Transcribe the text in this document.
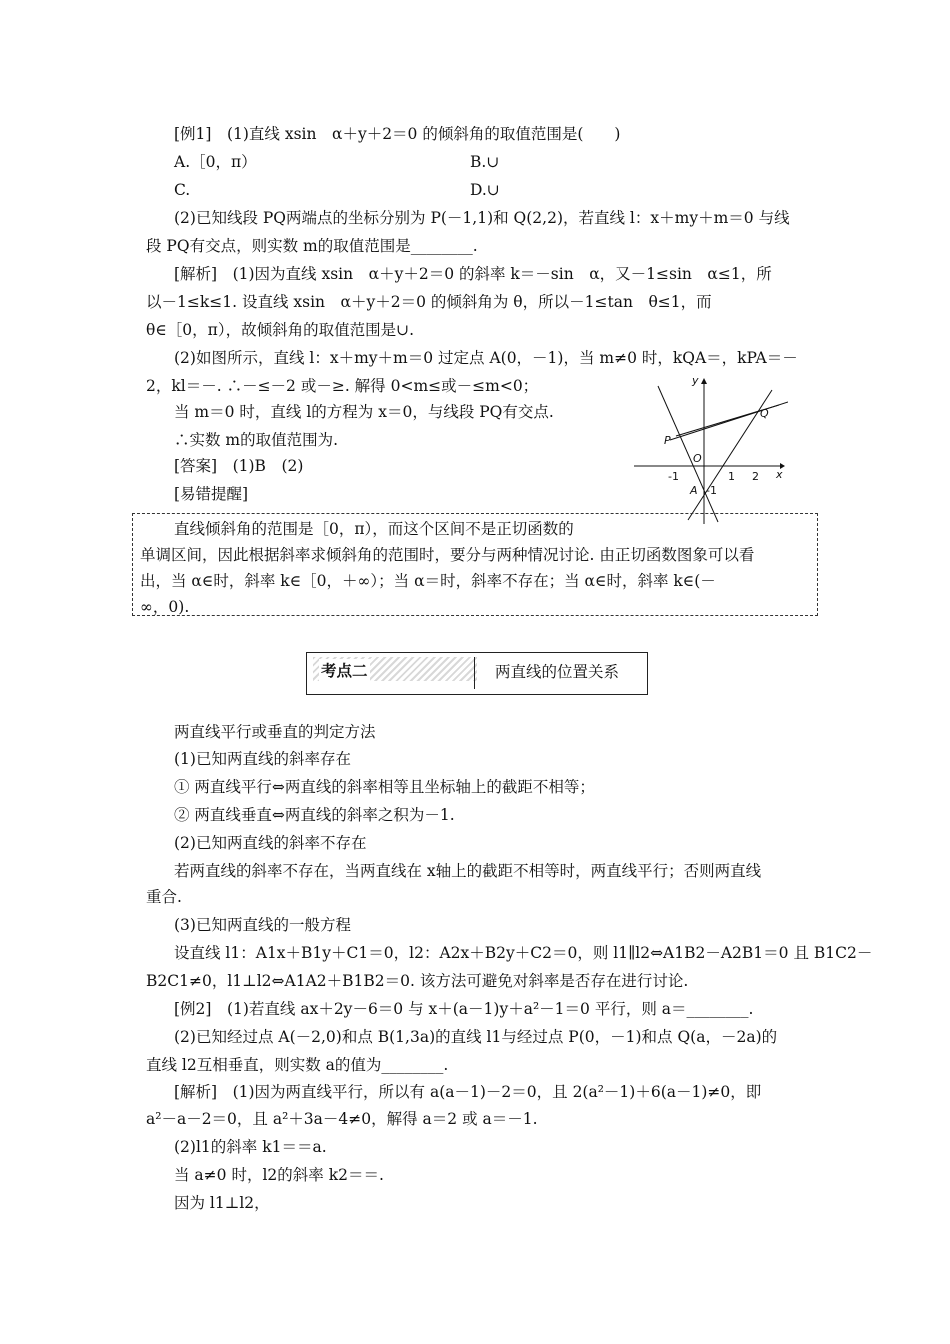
[例1]　(1)直线 xsin　α＋y＋2＝0 的倾斜角的取值范围是(　　)
A.［0，π）	B.∪
C.	D.∪
(2)已知线段 PQ两端点的坐标分别为 P(－1,1)和 Q(2,2)，若直线 l：x＋my＋m＝0 与线
段 PQ有交点，则实数 m的取值范围是________.
[解析]　(1)因为直线 xsin　α＋y＋2＝0 的斜率 k＝－sin　α，又－1≤sin　α≤1，所
以－1≤k≤1. 设直线 xsin　α＋y＋2＝0 的倾斜角为 θ，所以－1≤tan　θ≤1，而
θ∈［0，π），故倾斜角的取值范围是∪.
(2)如图所示，直线 l：x＋my＋m＝0 过定点 A(0，－1)，当 m≠0 时，kQA＝，kPA＝－
2，kl＝－. ∴－≤－2 或－≥. 解得 0<m≤或－≤m<0；
当 m＝0 时，直线 l的方程为 x＝0，与线段 PQ有交点.
∴实数 m的取值范围为.
[答案]　(1)B　(2)
[易错提醒]
y
x
Q
P
O
A
-1	1 2
-1
直线倾斜角的范围是［0，π），而这个区间不是正切函数的
单调区间，因此根据斜率求倾斜角的范围时，要分与两种情况讨论. 由正切函数图象可以看
出，当 α∈时，斜率 k∈［0，＋∞）；当 α＝时，斜率不存在；当 α∈时，斜率 k∈(－
∞，0).
考点二	两直线的位置关系
两直线平行或垂直的判定方法
(1)已知两直线的斜率存在
① 两直线平行⇔两直线的斜率相等且坐标轴上的截距不相等；
② 两直线垂直⇔两直线的斜率之积为－1.
(2)已知两直线的斜率不存在
若两直线的斜率不存在，当两直线在 x轴上的截距不相等时，两直线平行；否则两直线
重合.
(3)已知两直线的一般方程
设直线 l1：A1x＋B1y＋C1＝0，l2：A2x＋B2y＋C2＝0，则 l1∥l2⇔A1B2－A2B1＝0 且 B1C2－
B2C1≠0，l1⊥l2⇔A1A2＋B1B2＝0. 该方法可避免对斜率是否存在进行讨论.
[例2]　(1)若直线 ax＋2y－6＝0 与 x＋(a－1)y＋a²－1＝0 平行，则 a＝________.
(2)已知经过点 A(－2,0)和点 B(1,3a)的直线 l1与经过点 P(0，－1)和点 Q(a，－2a)的
直线 l2互相垂直，则实数 a的值为________.
[解析]　(1)因为两直线平行，所以有 a(a－1)－2＝0，且 2(a²－1)＋6(a－1)≠0，即
a²－a－2＝0，且 a²＋3a－4≠0，解得 a＝2 或 a＝－1.
(2)l1的斜率 k1＝＝a.
当 a≠0 时，l2的斜率 k2＝＝.
因为 l1⊥l2，
